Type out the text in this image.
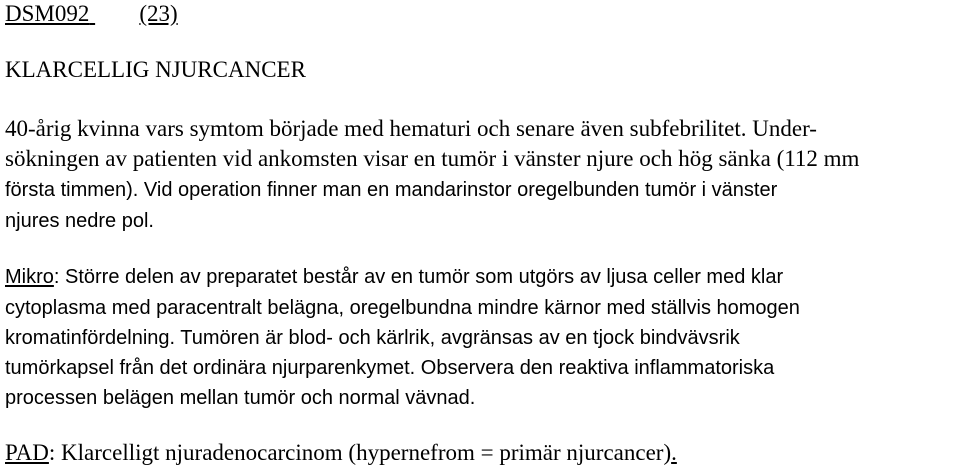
DSM092 (23)
KLARCELLIG NJURCANCER
40-årig kvinna vars symtom började med hematuri och senare även subfebrilitet. Under-
sökningen av patienten vid ankomsten visar en tumör i vänster njure och hög sänka (112 mm
första timmen). Vid operation finner man en mandarinstor oregelbunden tumör i vänster
njures nedre pol.
Mikro: Större delen av preparatet består av en tumör som utgörs av ljusa celler med klar
cytoplasma med paracentralt belägna, oregelbundna mindre kärnor med ställvis homogen
kromatinfördelning. Tumören är blod- och kärlrik, avgränsas av en tjock bindvävsrik
tumörkapsel från det ordinära njurparenkymet. Observera den reaktiva inflammatoriska
processen belägen mellan tumör och normal vävnad.
PAD: Klarcelligt njuradenocarcinom (hypernefrom = primär njurcancer).
